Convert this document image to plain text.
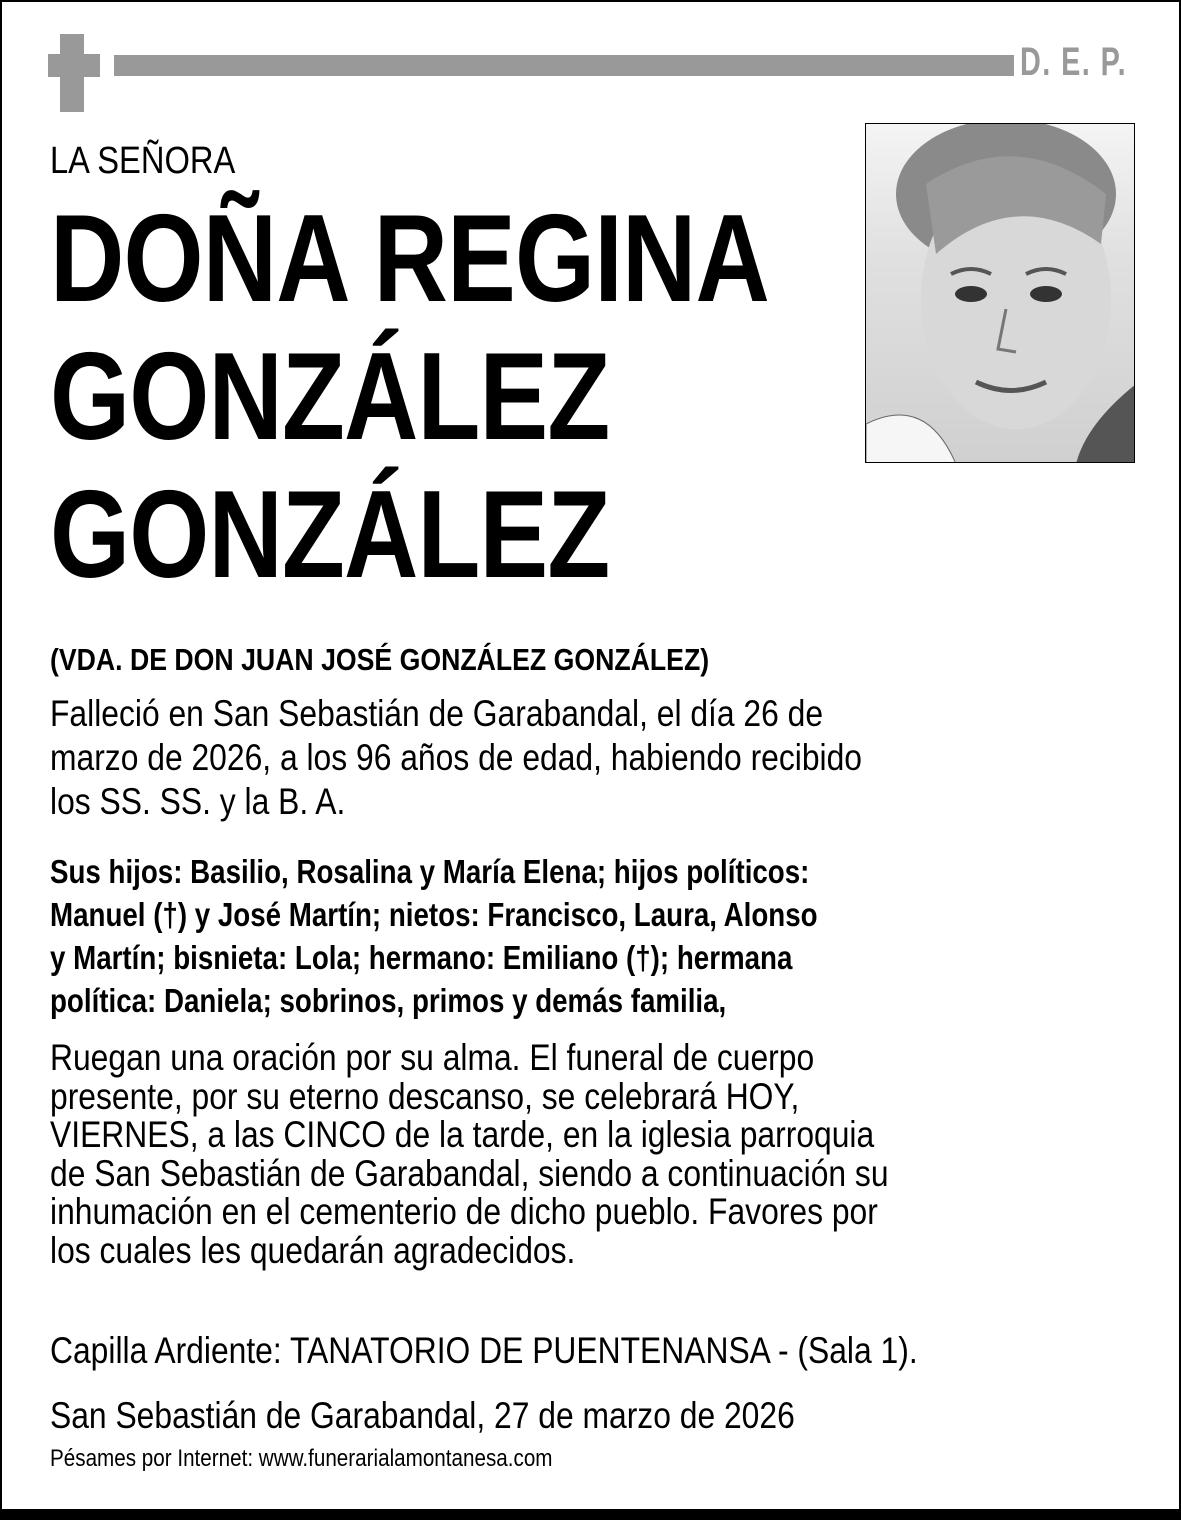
D. E. P.
LA SEÑORA
DOÑA REGINA
GONZÁLEZ
GONZÁLEZ
(VDA. DE DON JUAN JOSÉ GONZÁLEZ GONZÁLEZ)
Falleció en San Sebastián de Garabandal, el día 26 de
marzo de 2026, a los 96 años de edad, habiendo recibido
los SS. SS. y la B. A.
Sus hijos: Basilio, Rosalina y María Elena; hijos políticos:
Manuel (†) y José Martín; nietos: Francisco, Laura, Alonso
y Martín; bisnieta: Lola; hermano: Emiliano (†); hermana
política: Daniela; sobrinos, primos y demás familia,
Ruegan una oración por su alma. El funeral de cuerpo
presente, por su eterno descanso, se celebrará HOY,
VIERNES, a las CINCO de la tarde, en la iglesia parroquia
de San Sebastián de Garabandal, siendo a continuación su
inhumación en el cementerio de dicho pueblo. Favores por
los cuales les quedarán agradecidos.
Capilla Ardiente: TANATORIO DE PUENTENANSA - (Sala 1).
San Sebastián de Garabandal, 27 de marzo de 2026
Pésames por Internet: www.funerarialamontanesa.com
